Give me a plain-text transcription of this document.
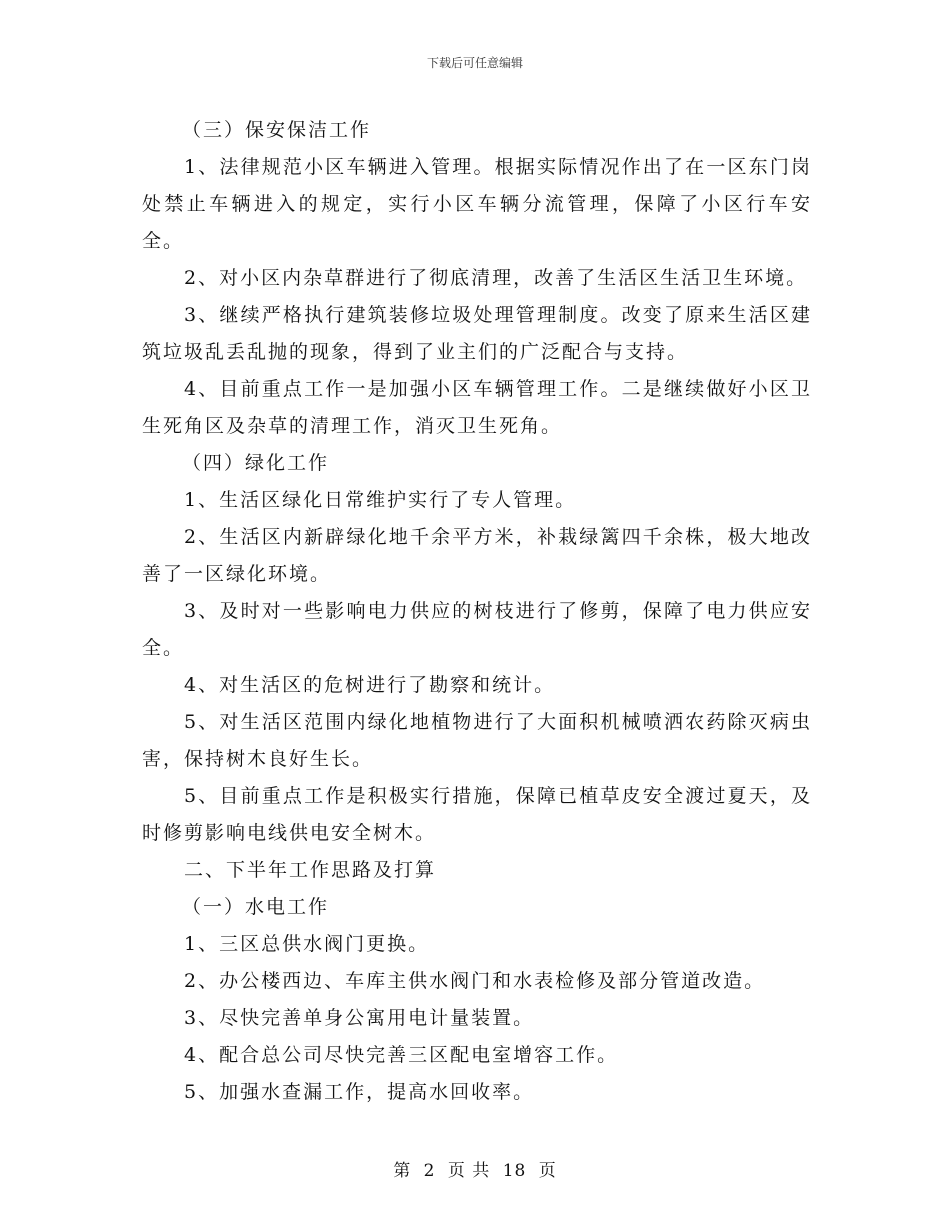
下载后可任意编辑

（三）保安保洁工作

1、法律规范小区车辆进入管理。根据实际情况作出了在一区东门岗处禁止车辆进入的规定，实行小区车辆分流管理，保障了小区行车安全。

2、对小区内杂草群进行了彻底清理，改善了生活区生活卫生环境。

3、继续严格执行建筑装修垃圾处理管理制度。改变了原来生活区建筑垃圾乱丢乱抛的现象，得到了业主们的广泛配合与支持。

4、目前重点工作一是加强小区车辆管理工作。二是继续做好小区卫生死角区及杂草的清理工作，消灭卫生死角。

（四）绿化工作

1、生活区绿化日常维护实行了专人管理。

2、生活区内新辟绿化地千余平方米，补栽绿篱四千余株，极大地改善了一区绿化环境。

3、及时对一些影响电力供应的树枝进行了修剪，保障了电力供应安全。

4、对生活区的危树进行了勘察和统计。

5、对生活区范围内绿化地植物进行了大面积机械喷洒农药除灭病虫害，保持树木良好生长。

5、目前重点工作是积极实行措施，保障已植草皮安全渡过夏天，及时修剪影响电线供电安全树木。

二、下半年工作思路及打算

（一）水电工作

1、三区总供水阀门更换。

2、办公楼西边、车库主供水阀门和水表检修及部分管道改造。

3、尽快完善单身公寓用电计量装置。

4、配合总公司尽快完善三区配电室增容工作。

5、加强水查漏工作，提高水回收率。

第 2 页 共 18 页
